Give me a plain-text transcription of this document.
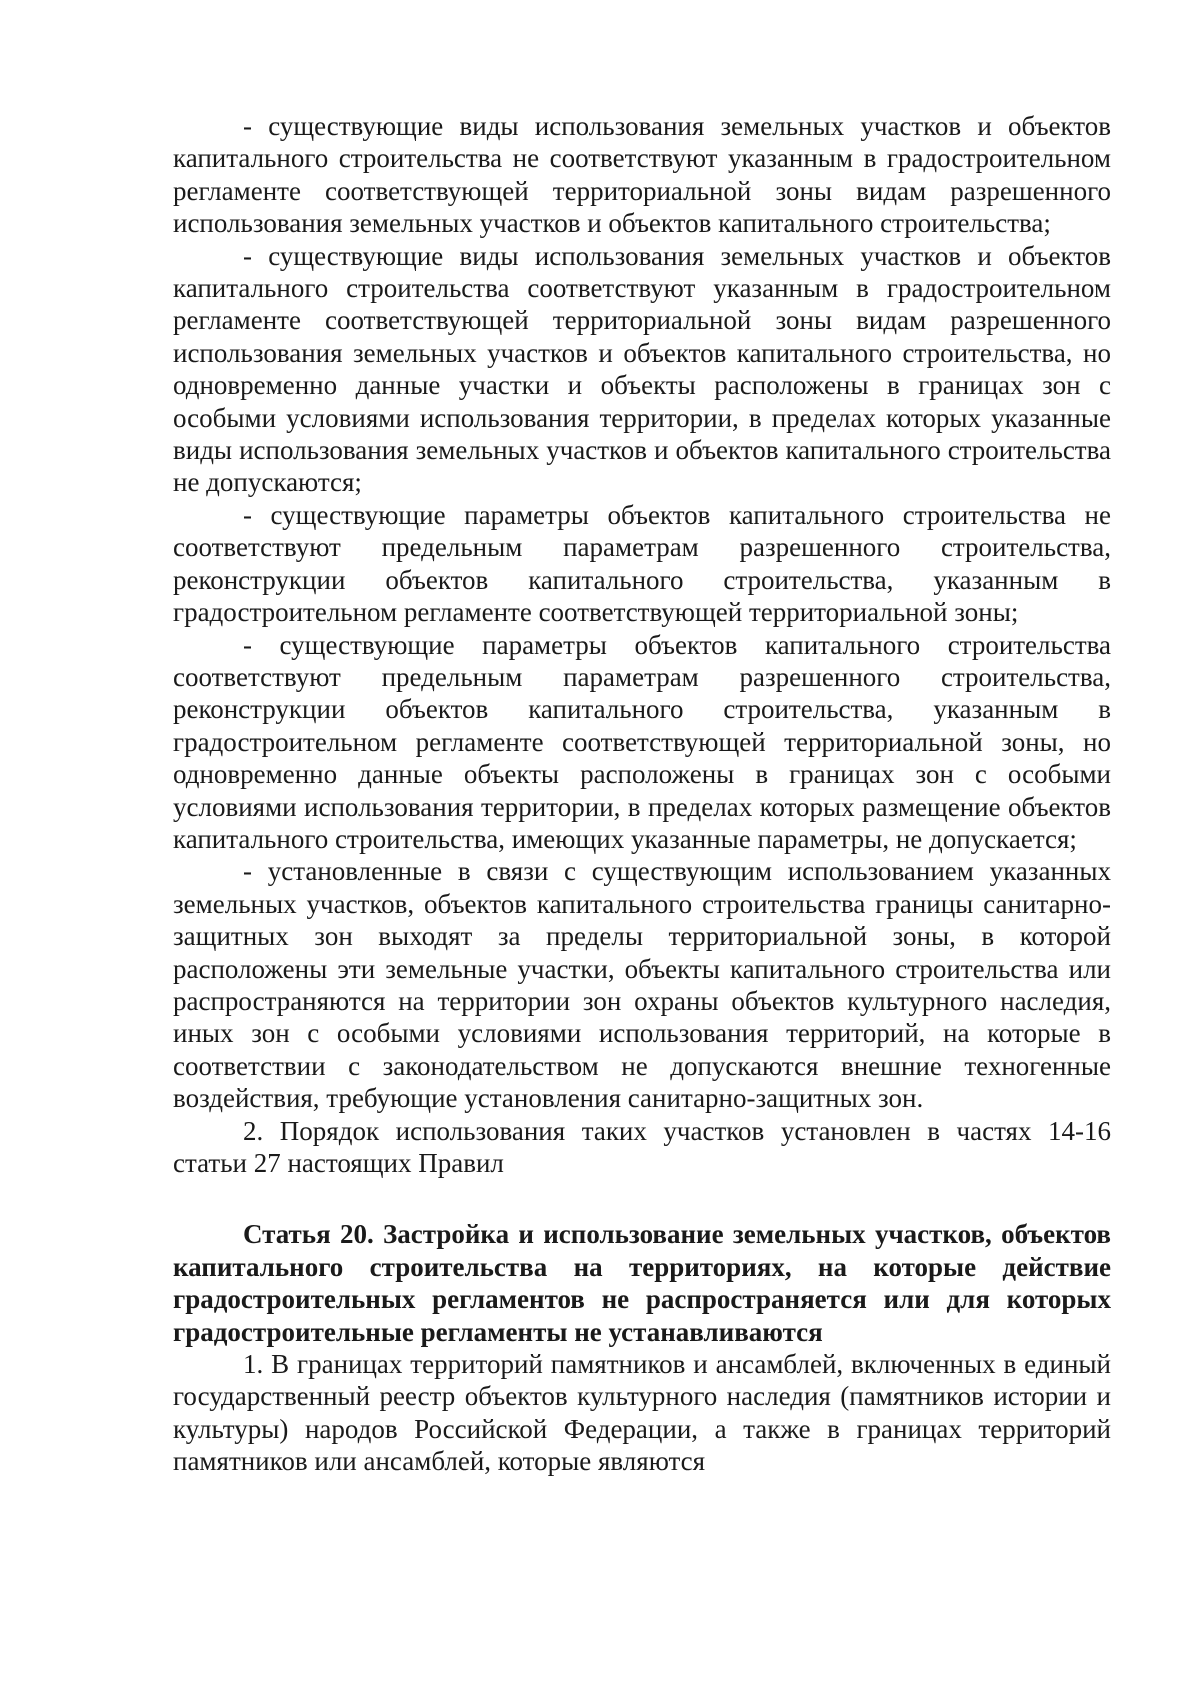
- существующие виды использования земельных участков и объектов капитального строительства не соответствуют указанным в градостроительном регламенте соответствующей территориальной зоны видам разрешенного использования земельных участков и объектов капитального строительства;

- существующие виды использования земельных участков и объектов капитального строительства соответствуют указанным в градостроительном регламенте соответствующей территориальной зоны видам разрешенного использования земельных участков и объектов капитального строительства, но одновременно данные участки и объекты расположены в границах зон с особыми условиями использования территории, в пределах которых указанные виды использования земельных участков и объектов капитального строительства не допускаются;

- существующие параметры объектов капитального строительства не соответствуют предельным параметрам разрешенного строительства, реконструкции объектов капитального строительства, указанным в градостроительном регламенте соответствующей территориальной зоны;

- существующие параметры объектов капитального строительства соответствуют предельным параметрам разрешенного строительства, реконструкции объектов капитального строительства, указанным в градостроительном регламенте соответствующей территориальной зоны, но одновременно данные объекты расположены в границах зон с особыми условиями использования территории, в пределах которых размещение объектов капитального строительства, имеющих указанные параметры, не допускается;

- установленные в связи с существующим использованием указанных земельных участков, объектов капитального строительства границы санитарно-защитных зон выходят за пределы территориальной зоны, в которой расположены эти земельные участки, объекты капитального строительства или распространяются на территории зон охраны объектов культурного наследия, иных зон с особыми условиями использования территорий, на которые в соответствии с законодательством не допускаются внешние техногенные воздействия, требующие установления санитарно-защитных зон.

2. Порядок использования таких участков установлен в частях 14-16 статьи 27 настоящих Правил

Статья 20. Застройка и использование земельных участков, объектов капитального строительства на территориях, на которые действие градостроительных регламентов не распространяется или для которых градостроительные регламенты не устанавливаются

1. В границах территорий памятников и ансамблей, включенных в единый государственный реестр объектов культурного наследия (памятников истории и культуры) народов Российской Федерации, а также в границах территорий памятников или ансамблей, которые являются
